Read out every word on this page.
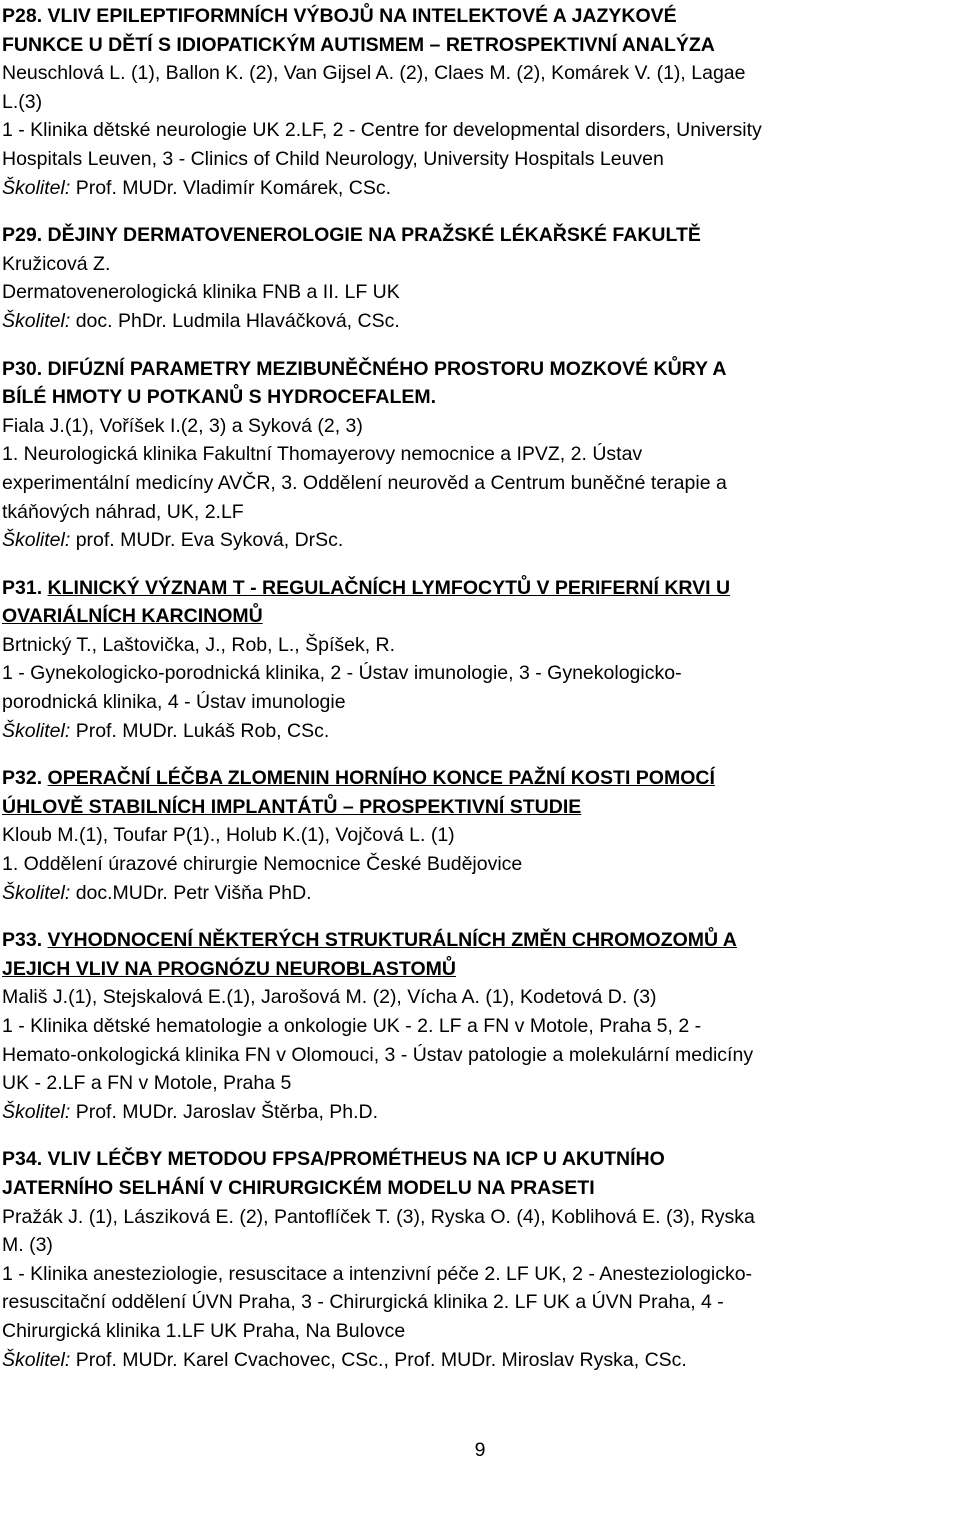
P28. VLIV EPILEPTIFORMNÍCH VÝBOJŮ NA INTELEKTOVÉ A JAZYKOVÉ
FUNKCE U DĚTÍ S IDIOPATICKÝM AUTISMEM – RETROSPEKTIVNÍ ANALÝZA
Neuschlová L. (1), Ballon K. (2), Van Gijsel A. (2), Claes M. (2), Komárek V. (1), Lagae
L.(3)
1 - Klinika dětské neurologie UK 2.LF, 2 - Centre for developmental disorders, University
Hospitals Leuven, 3 - Clinics of Child Neurology, University Hospitals Leuven
Školitel: Prof. MUDr. Vladimír Komárek, CSc.
P29. DĚJINY DERMATOVENEROLOGIE NA PRAŽSKÉ LÉKAŘSKÉ FAKULTĚ
Kružicová Z.
Dermatovenerologická klinika FNB a II. LF UK
Školitel: doc. PhDr. Ludmila Hlaváčková, CSc.
P30. DIFÚZNÍ PARAMETRY MEZIBUNĚČNÉHO PROSTORU MOZKOVÉ KŮRY A
BÍLÉ HMOTY U POTKANŮ S HYDROCEFALEM.
Fiala J.(1), Voříšek I.(2, 3) a Syková (2, 3)
1. Neurologická klinika Fakultní Thomayerovy nemocnice a IPVZ, 2. Ústav
experimentální medicíny AVČR, 3. Oddělení neurověd a Centrum buněčné terapie a
tkáňových náhrad, UK, 2.LF
Školitel: prof. MUDr. Eva Syková, DrSc.
P31. KLINICKÝ VÝZNAM T - REGULAČNÍCH LYMFOCYTŮ V PERIFERNÍ KRVI U
OVARIÁLNÍCH KARCINOMŮ
Brtnický T., Laštovička, J., Rob, L., Špíšek, R.
1 - Gynekologicko-porodnická klinika, 2 - Ústav imunologie, 3 - Gynekologicko-
porodnická klinika, 4 - Ústav imunologie
Školitel: Prof. MUDr. Lukáš Rob, CSc.
P32. OPERAČNÍ LÉČBA ZLOMENIN HORNÍHO KONCE PAŽNÍ KOSTI POMOCÍ
ÚHLOVĚ STABILNÍCH IMPLANTÁTŮ – PROSPEKTIVNÍ STUDIE
Kloub M.(1), Toufar P(1)., Holub K.(1), Vojčová L. (1)
1. Oddělení úrazové chirurgie Nemocnice České Budějovice
Školitel: doc.MUDr. Petr Višňa PhD.
P33. VYHODNOCENÍ NĚKTERÝCH STRUKTURÁLNÍCH ZMĚN CHROMOZOMŮ A
JEJICH VLIV NA PROGNÓZU NEUROBLASTOMŮ
Mališ J.(1), Stejskalová E.(1), Jarošová M. (2), Vícha A. (1), Kodetová D. (3)
1 - Klinika dětské hematologie a onkologie UK - 2. LF a FN v Motole, Praha 5, 2 -
Hemato-onkologická klinika FN v Olomouci, 3 - Ústav patologie a molekulární medicíny
UK - 2.LF a FN v Motole, Praha 5
Školitel: Prof. MUDr. Jaroslav Štěrba, Ph.D.
P34. VLIV LÉČBY METODOU FPSA/PROMÉTHEUS NA ICP U AKUTNÍHO
JATERNÍHO SELHÁNÍ V CHIRURGICKÉM MODELU NA PRASETI
Pražák J. (1), Lásziková E. (2), Pantoflíček T. (3), Ryska O. (4), Koblihová E. (3), Ryska
M. (3)
1 - Klinika anesteziologie, resuscitace a intenzivní péče 2. LF UK, 2 - Anesteziologicko-
resuscitační oddělení ÚVN Praha, 3 - Chirurgická klinika 2. LF UK a ÚVN Praha, 4 -
Chirurgická klinika 1.LF UK Praha, Na Bulovce
Školitel: Prof. MUDr. Karel Cvachovec, CSc., Prof. MUDr. Miroslav Ryska, CSc.
9
